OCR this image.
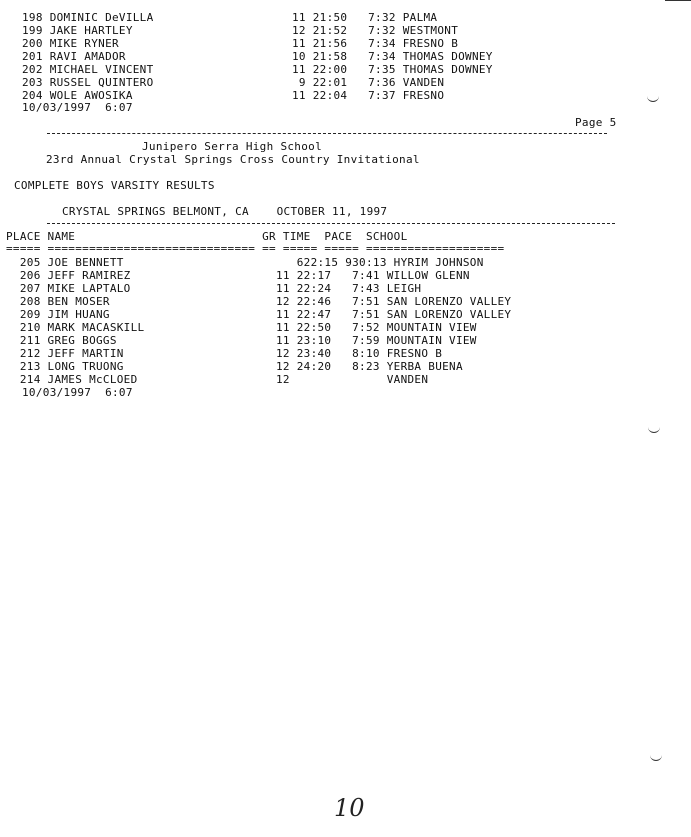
198 DOMINIC DeVILLA                    11 21:50   7:32 PALMA
199 JAKE HARTLEY                       12 21:52   7:32 WESTMONT
200 MIKE RYNER                         11 21:56   7:34 FRESNO B
201 RAVI AMADOR                        10 21:58   7:34 THOMAS DOWNEY
202 MICHAEL VINCENT                    11 22:00   7:35 THOMAS DOWNEY
203 RUSSEL QUINTERO                     9 22:01   7:36 VANDEN
204 WOLE AWOSIKA                       11 22:04   7:37 FRESNO
10/03/1997  6:07
Page 5
Junipero Serra High School
23rd Annual Crystal Springs Cross Country Invitational
COMPLETE BOYS VARSITY RESULTS
CRYSTAL SPRINGS BELMONT, CA    OCTOBER 11, 1997
PLACE NAME                           GR TIME  PACE  SCHOOL
===== ============================== == ===== ===== ====================
205 JOE BENNETT                         622:15 930:13 HYRIM JOHNSON
206 JEFF RAMIREZ                     11 22:17   7:41 WILLOW GLENN
207 MIKE LAPTALO                     11 22:24   7:43 LEIGH
208 BEN MOSER                        12 22:46   7:51 SAN LORENZO VALLEY
209 JIM HUANG                        11 22:47   7:51 SAN LORENZO VALLEY
210 MARK MACASKILL                   11 22:50   7:52 MOUNTAIN VIEW
211 GREG BOGGS                       11 23:10   7:59 MOUNTAIN VIEW
212 JEFF MARTIN                      12 23:40   8:10 FRESNO B
213 LONG TRUONG                      12 24:20   8:23 YERBA BUENA
214 JAMES McCLOED                    12              VANDEN
10/03/1997  6:07
10
